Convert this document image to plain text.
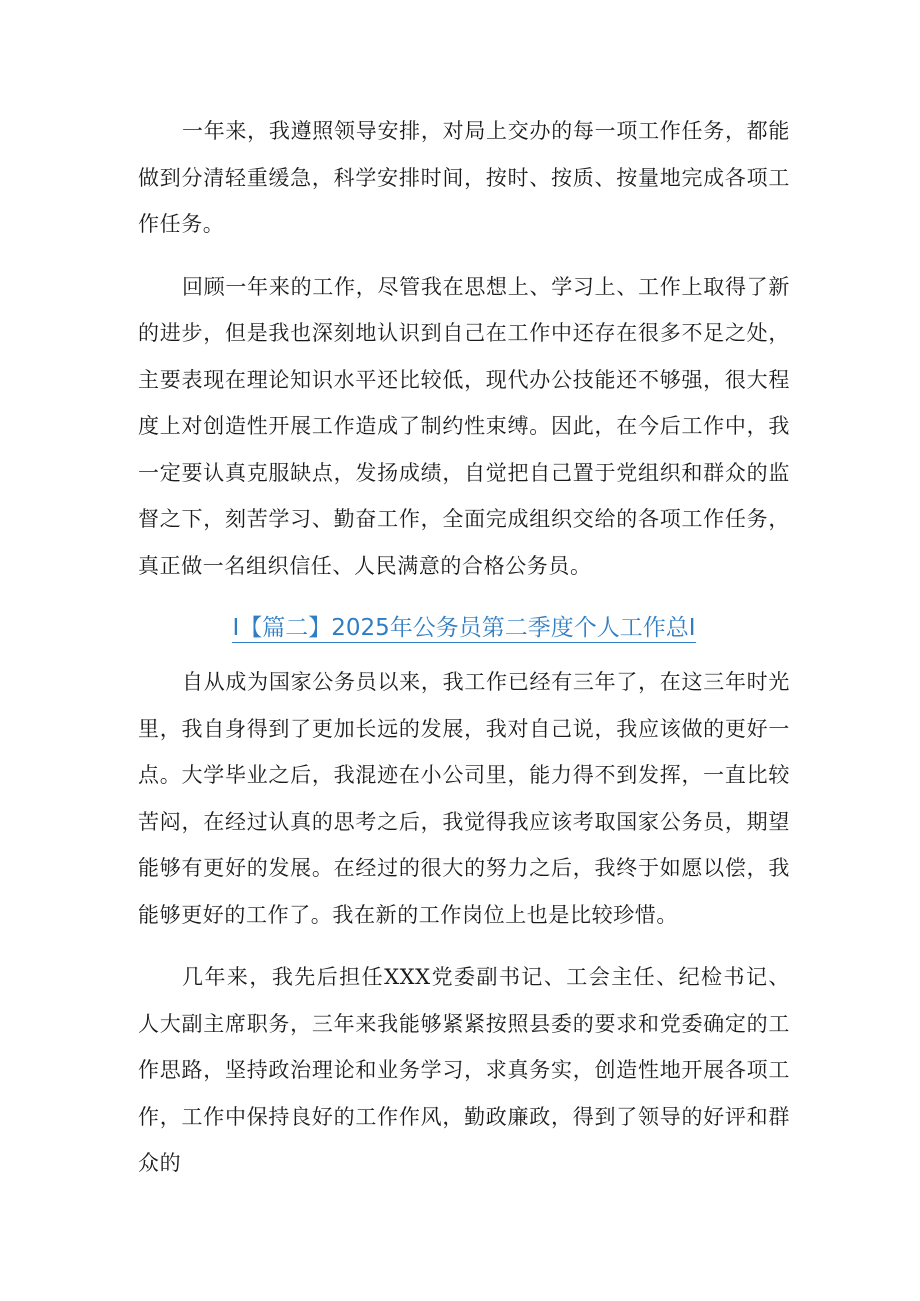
一年来，我遵照领导安排，对局上交办的每一项工作任务，都能做到分清轻重缓急，科学安排时间，按时、按质、按量地完成各项工作任务。

回顾一年来的工作，尽管我在思想上、学习上、工作上取得了新的进步，但是我也深刻地认识到自己在工作中还存在很多不足之处，主要表现在理论知识水平还比较低，现代办公技能还不够强，很大程度上对创造性开展工作造成了制约性束缚。因此，在今后工作中，我一定要认真克服缺点，发扬成绩，自觉把自己置于党组织和群众的监督之下，刻苦学习、勤奋工作，全面完成组织交给的各项工作任务，真正做一名组织信任、人民满意的合格公务员。

I【篇二】2025年公务员第二季度个人工作总I

自从成为国家公务员以来，我工作已经有三年了，在这三年时光里，我自身得到了更加长远的发展，我对自己说，我应该做的更好一点。大学毕业之后，我混迹在小公司里，能力得不到发挥，一直比较苦闷，在经过认真的思考之后，我觉得我应该考取国家公务员，期望能够有更好的发展。在经过的很大的努力之后，我终于如愿以偿，我能够更好的工作了。我在新的工作岗位上也是比较珍惜。

几年来，我先后担任XXX党委副书记、工会主任、纪检书记、人大副主席职务，三年来我能够紧紧按照县委的要求和党委确定的工作思路，坚持政治理论和业务学习，求真务实，创造性地开展各项工作，工作中保持良好的工作作风，勤政廉政，得到了领导的好评和群众的
